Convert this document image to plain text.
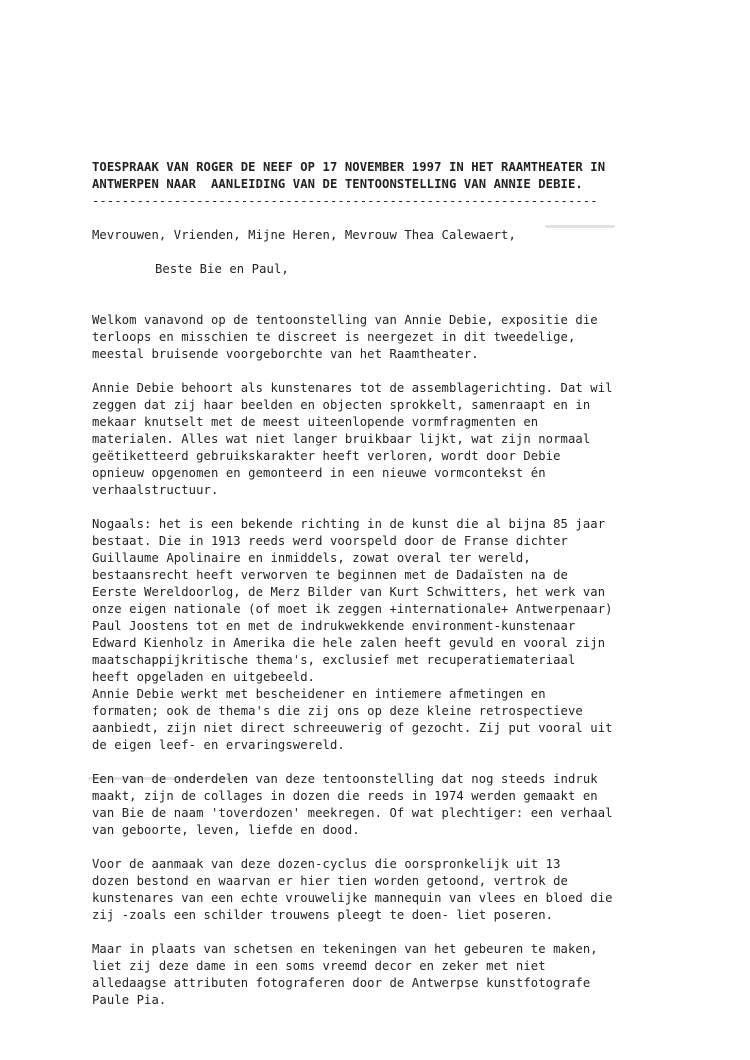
TOESPRAAK VAN ROGER DE NEEF OP 17 NOVEMBER 1997 IN HET RAAMTHEATER IN
ANTWERPEN NAAR  AANLEIDING VAN DE TENTOONSTELLING VAN ANNIE DEBIE.
--------------------------------------------------------------------
Mevrouwen, Vrienden, Mijne Heren, Mevrouw Thea Calewaert,
Beste Bie en Paul,
Welkom vanavond op de tentoonstelling van Annie Debie, expositie die
terloops en misschien te discreet is neergezet in dit tweedelige,
meestal bruisende voorgeborchte van het Raamtheater.
Annie Debie behoort als kunstenares tot de assemblagerichting. Dat wil
zeggen dat zij haar beelden en objecten sprokkelt, samenraapt en in
mekaar knutselt met de meest uiteenlopende vormfragmenten en
materialen. Alles wat niet langer bruikbaar lijkt, wat zijn normaal
geëtiketteerd gebruikskarakter heeft verloren, wordt door Debie
opnieuw opgenomen en gemonteerd in een nieuwe vormcontekst én
verhaalstructuur.
Nogaals: het is een bekende richting in de kunst die al bijna 85 jaar
bestaat. Die in 1913 reeds werd voorspeld door de Franse dichter
Guillaume Apolinaire en inmiddels, zowat overal ter wereld,
bestaansrecht heeft verworven te beginnen met de Dadaïsten na de
Eerste Wereldoorlog, de Merz Bilder van Kurt Schwitters, het werk van
onze eigen nationale (of moet ik zeggen +internationale+ Antwerpenaar)
Paul Joostens tot en met de indrukwekkende environment-kunstenaar
Edward Kienholz in Amerika die hele zalen heeft gevuld en vooral zijn
maatschappijkritische thema's, exclusief met recuperatiemateriaal
heeft opgeladen en uitgebeeld.
Annie Debie werkt met bescheidener en intiemere afmetingen en
formaten; ook de thema's die zij ons op deze kleine retrospectieve
aanbiedt, zijn niet direct schreeuwerig of gezocht. Zij put vooral uit
de eigen leef- en ervaringswereld.
Een van de onderdelen van deze tentoonstelling dat nog steeds indruk
maakt, zijn de collages in dozen die reeds in 1974 werden gemaakt en
van Bie de naam 'toverdozen' meekregen. Of wat plechtiger: een verhaal
van geboorte, leven, liefde en dood.
Voor de aanmaak van deze dozen-cyclus die oorspronkelijk uit 13
dozen bestond en waarvan er hier tien worden getoond, vertrok de
kunstenares van een echte vrouwelijke mannequin van vlees en bloed die
zij -zoals een schilder trouwens pleegt te doen- liet poseren.
Maar in plaats van schetsen en tekeningen van het gebeuren te maken,
liet zij deze dame in een soms vreemd decor en zeker met niet
alledaagse attributen fotograferen door de Antwerpse kunstfotografe
Paule Pia.
